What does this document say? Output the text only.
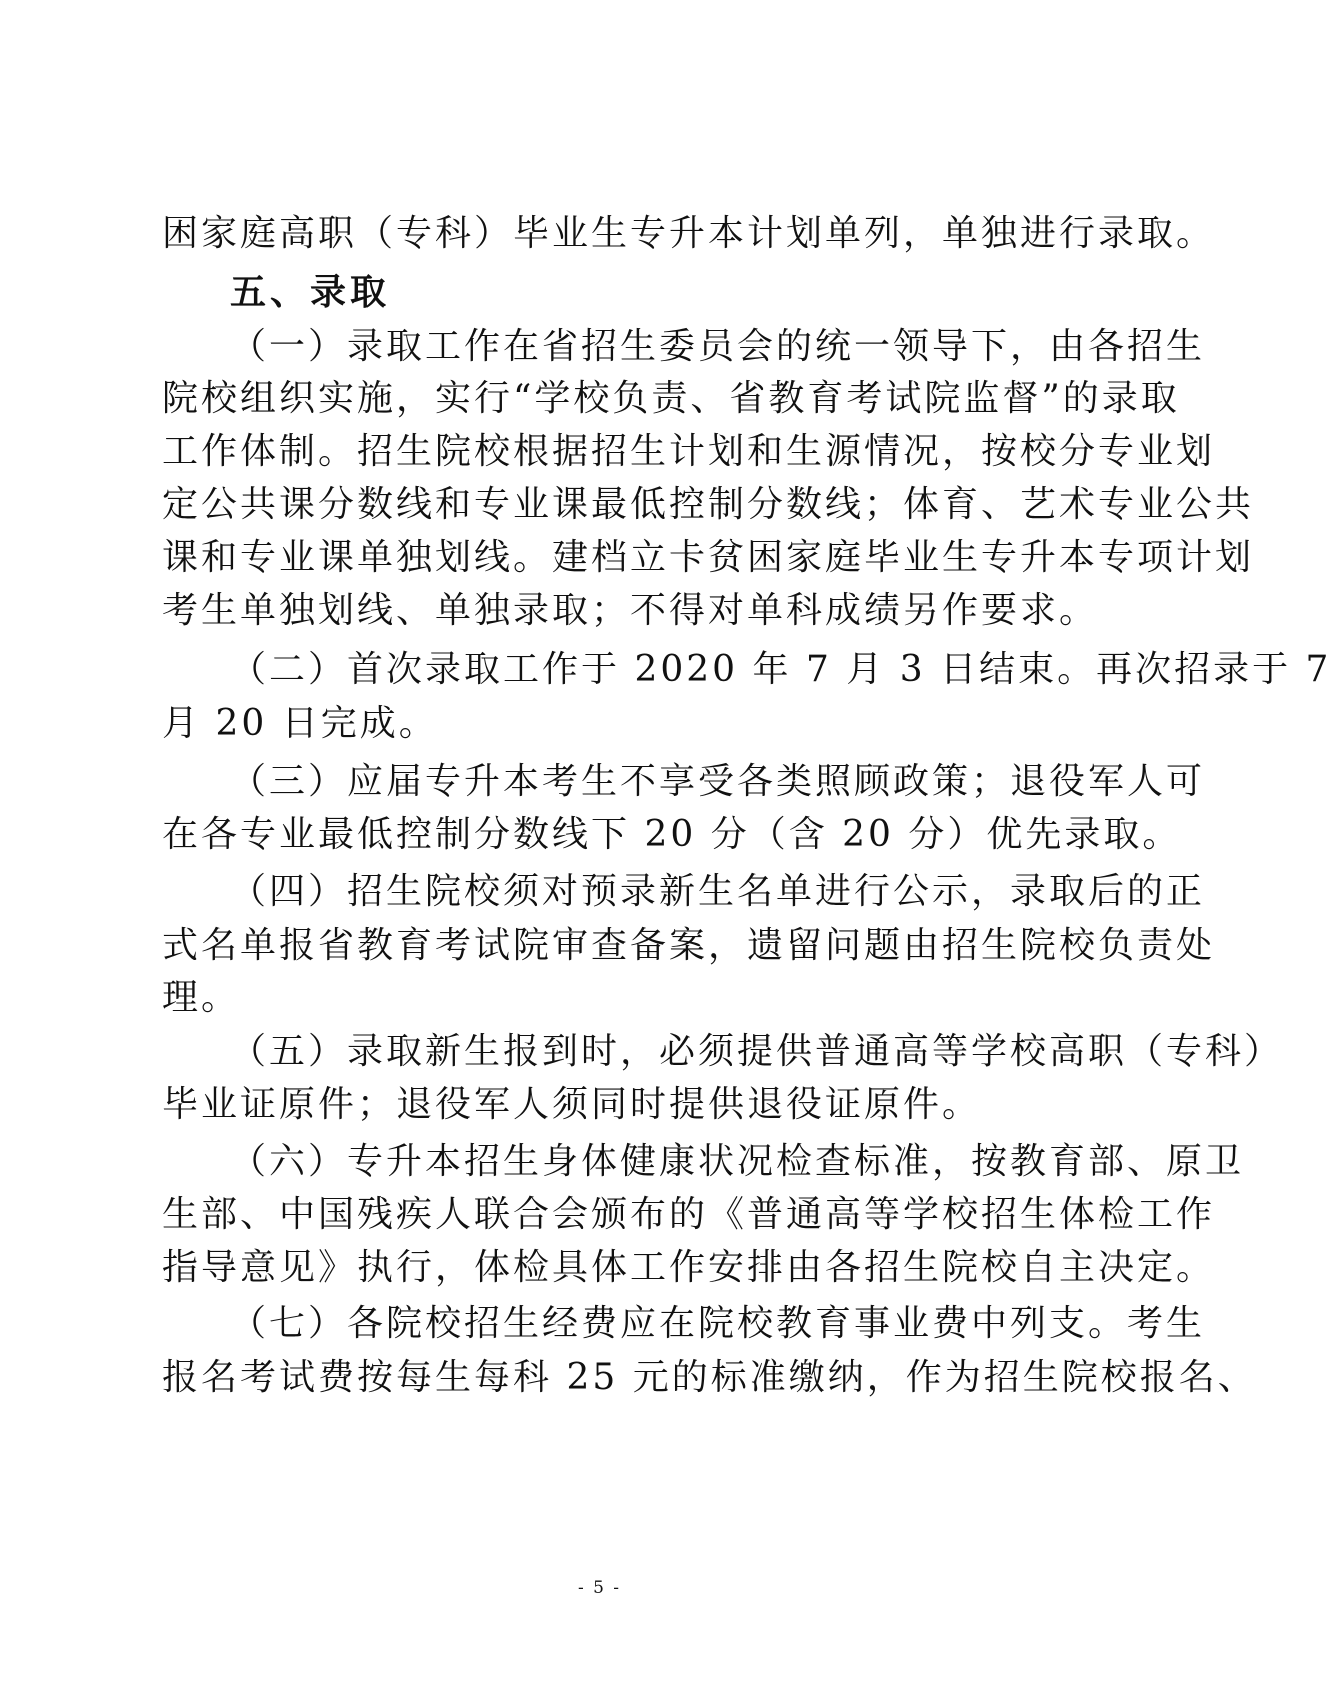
困家庭高职（专科）毕业生专升本计划单列，单独进行录取。
五、录取
（一）录取工作在省招生委员会的统一领导下，由各招生
院校组织实施，实行“学校负责、省教育考试院监督”的录取
工作体制。招生院校根据招生计划和生源情况，按校分专业划
定公共课分数线和专业课最低控制分数线；体育、艺术专业公共
课和专业课单独划线。建档立卡贫困家庭毕业生专升本专项计划
考生单独划线、单独录取；不得对单科成绩另作要求。
（二）首次录取工作于 2020 年 7 月 3 日结束。再次招录于 7
月 20 日完成。
（三）应届专升本考生不享受各类照顾政策；退役军人可
在各专业最低控制分数线下 20 分（含 20 分）优先录取。
（四）招生院校须对预录新生名单进行公示，录取后的正
式名单报省教育考试院审查备案，遗留问题由招生院校负责处
理。
（五）录取新生报到时，必须提供普通高等学校高职（专科）
毕业证原件；退役军人须同时提供退役证原件。
（六）专升本招生身体健康状况检查标准，按教育部、原卫
生部、中国残疾人联合会颁布的《普通高等学校招生体检工作
指导意见》执行，体检具体工作安排由各招生院校自主决定。
（七）各院校招生经费应在院校教育事业费中列支。考生
报名考试费按每生每科 25 元的标准缴纳，作为招生院校报名、
- 5 -
